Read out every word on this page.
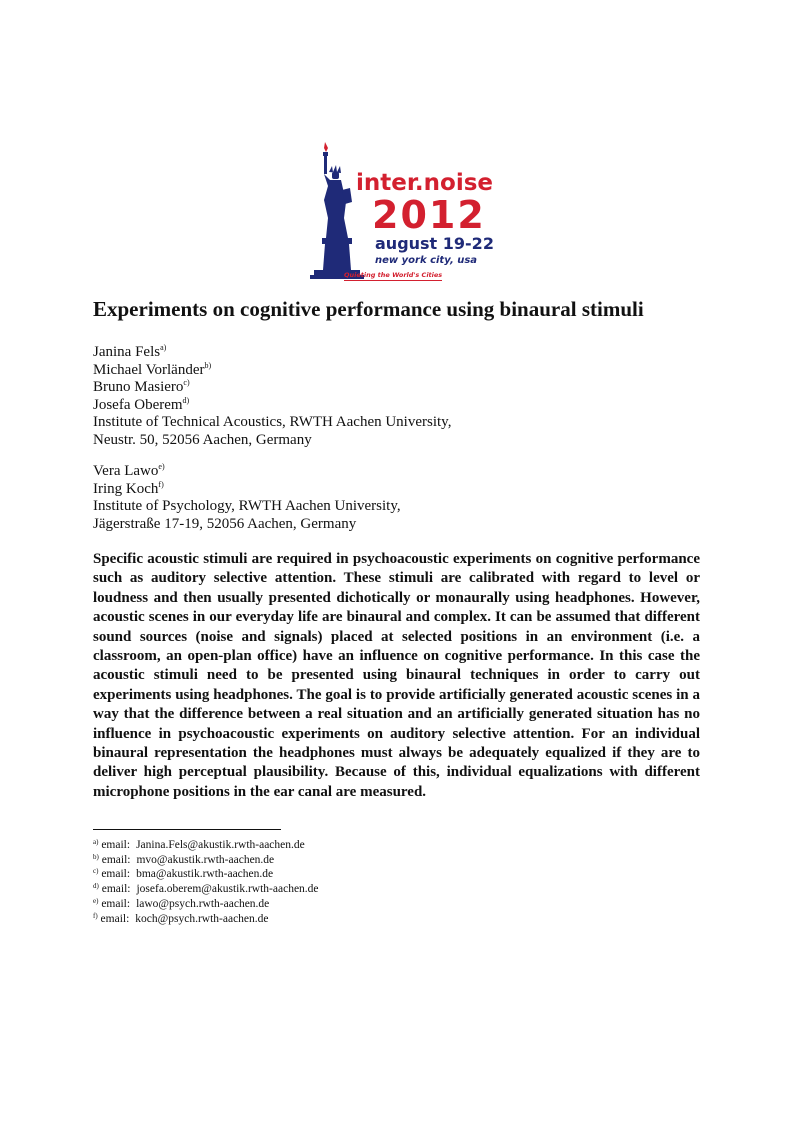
inter.noise
2012
august 19-22
new york city, usa
Quieting the World's Cities
Experiments on cognitive performance using binaural stimuli
Janina Fels$^{a)}$
Michael Vorländer$^{b)}$
Bruno Masiero$^{c)}$
Josefa Oberem$^{d)}$
Institute of Technical Acoustics, RWTH Aachen University,
Neustr. 50, 52056 Aachen, Germany
Vera Lawo$^{e)}$
Iring Koch$^{f)}$
Institute of Psychology, RWTH Aachen University,
Jägerstraße 17-19, 52056 Aachen, Germany

Specific acoustic stimuli are required in psychoacoustic experiments on cognitive performance such as auditory selective attention. These stimuli are calibrated with regard to level or loudness and then usually presented dichotically or monaurally using headphones. However, acoustic scenes in our everyday life are binaural and complex. It can be assumed that different sound sources (noise and signals) placed at selected positions in an environment (i.e. a classroom, an open-plan office) have an influence on cognitive performance. In this case the acoustic stimuli need to be presented using binaural techniques in order to carry out experiments using headphones. The goal is to provide artificially generated acoustic scenes in a way that the difference between a real situation and an artificially generated situation has no influence in psychoacoustic experiments on auditory selective attention. For an individual binaural representation the headphones must always be adequately equalized if they are to deliver high perceptual plausibility. Because of this, individual equalizations with different microphone positions in the ear canal are measured.

$^{a)}$ email: Janina.Fels@akustik.rwth-aachen.de
$^{b)}$ email: mvo@akustik.rwth-aachen.de
$^{c)}$ email: bma@akustik.rwth-aachen.de
$^{d)}$ email: josefa.oberem@akustik.rwth-aachen.de
$^{e)}$ email: lawo@psych.rwth-aachen.de
$^{f)}$ email: koch@psych.rwth-aachen.de
